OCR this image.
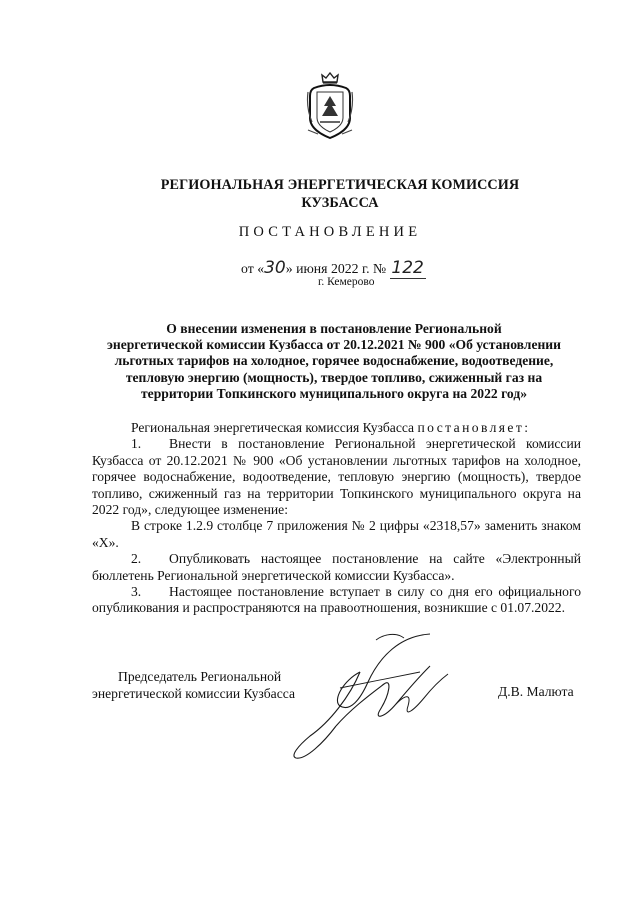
РЕГИОНАЛЬНАЯ ЭНЕРГЕТИЧЕСКАЯ КОМИССИЯ
КУЗБАССА
ПОСТАНОВЛЕНИЕ
от «30» июня 2022 г. № 122
г. Кемерово
О внесении изменения в постановление Региональной
энергетической комиссии Кузбасса от 20.12.2021 № 900 «Об установлении
льготных тарифов на холодное, горячее водоснабжение, водоотведение,
тепловую энергию (мощность), твердое топливо, сжиженный газ на
территории Топкинского муниципального округа на 2022 год»

Региональная энергетическая комиссия Кузбасса постановляет:

1. Внести в постановление Региональной энергетической комиссии Кузбасса от 20.12.2021 № 900 «Об установлении льготных тарифов на холодное, горячее водоснабжение, водоотведение, тепловую энергию (мощность), твердое топливо, сжиженный газ на территории Топкинского муниципального округа на 2022 год», следующее изменение:

В строке 1.2.9 столбце 7 приложения № 2 цифры «2318,57» заменить знаком «Х».

2. Опубликовать настоящее постановление на сайте «Электронный бюллетень Региональной энергетической комиссии Кузбасса».

3. Настоящее постановление вступает в силу со дня его официального опубликования и распространяются на правоотношения, возникшие с 01.07.2022.

Председатель Региональной
энергетической комиссии Кузбасса	Д.В. Малюта
